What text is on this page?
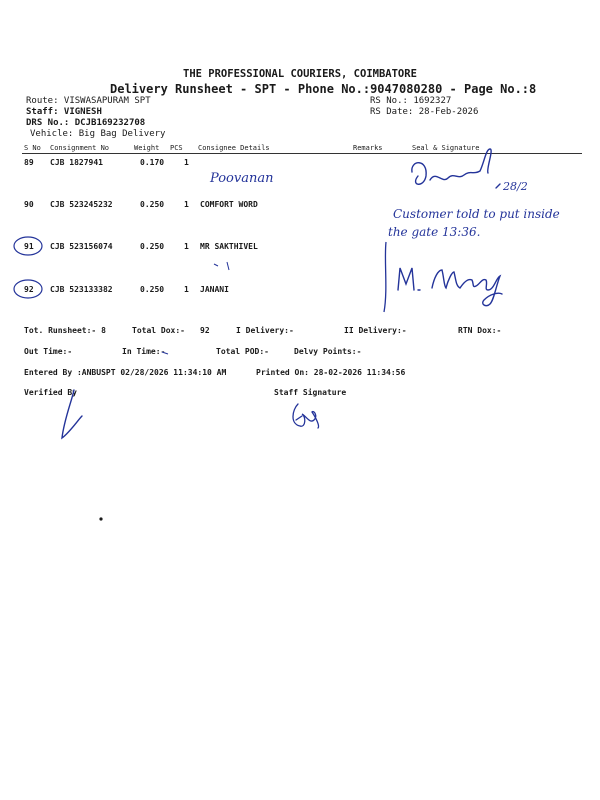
THE PROFESSIONAL COURIERS, COIMBATORE
Delivery Runsheet - SPT - Phone No.:9047080280 - Page No.:8
Route: VISWASAPURAM SPT
Staff: VIGNESH
DRS No.: DCJB169232708
Vehicle: Big Bag Delivery
RS No.: 1692327
RS Date: 28-Feb-2026
S No Consignment No	Weight PCS Consignee Details	Remarks	Seal & Signature
89 CJB 1827941	0.170 1
90 CJB 523245232	0.250 1 COMFORT WORD
91 CJB 523156074	0.250 1 MR SAKTHIVEL
92 CJB 523133382	0.250 1 JANANI
Tot. Runsheet:- 8	Total Dox:- 92	I Delivery:-	II Delivery:-	RTN Dox:-
Out Time:-	In Time:-	Total POD:-	Delvy Points:-
Entered By :ANBUSPT 02/28/2026 11:34:10 AM	Printed On: 28-02-2026 11:34:56
Verified By	Staff Signature
Poovanan
28/2
Customer told to put inside
the gate 13:36.
